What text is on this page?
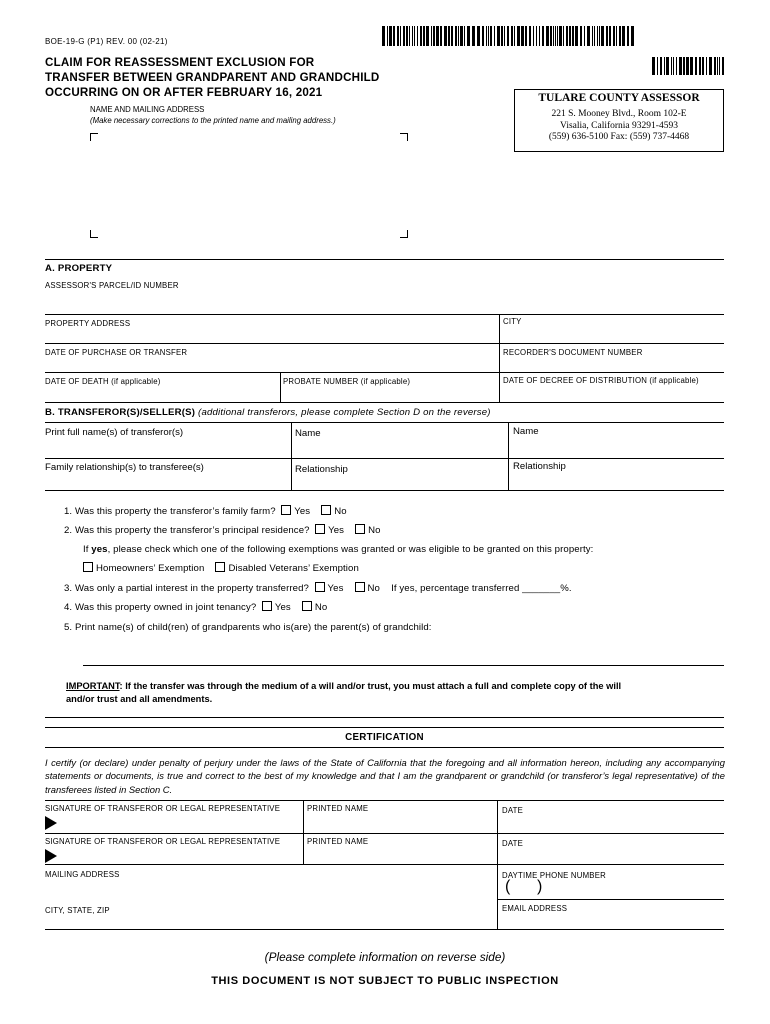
BOE-19-G (P1) REV. 00 (02-21)
CLAIM FOR REASSESSMENT EXCLUSION FOR
TRANSFER BETWEEN GRANDPARENT AND GRANDCHILD
OCCURRING ON OR AFTER FEBRUARY 16, 2021	TULARE COUNTY ASSESSOR
221 S. Mooney Blvd., Room 102-E
Visalia, California 93291-4593
(559) 636-5100 Fax: (559) 737-4468
NAME AND MAILING ADDRESS
(Make necessary corrections to the printed name and mailing address.)
A. PROPERTY
ASSESSOR'S PARCEL/ID NUMBER
PROPERTY ADDRESS	CITY
DATE OF PURCHASE OR TRANSFER	RECORDER'S DOCUMENT NUMBER
DATE OF DEATH (if applicable)	PROBATE NUMBER (if applicable)	DATE OF DECREE OF DISTRIBUTION (if applicable)
B. TRANSFEROR(S)/SELLER(S) (additional transferors, please complete Section D on the reverse)
Print full name(s) of transferor(s)	Name	Name
Family relationship(s) to transferee(s)	Relationship	Relationship
1. Was this property the transferor’s family farm? Yes	No
2. Was this property the transferor’s principal residence? Yes	No
If yes, please check which one of the following exemptions was granted or was eligible to be granted on this property:
Homeowners’ Exemption	Disabled Veterans’ Exemption
3. Was only a partial interest in the property transferred? Yes	No If yes, percentage transferred _______%.
4. Was this property owned in joint tenancy? Yes	No
5. Print name(s) of child(ren) of grandparents who is(are) the parent(s) of grandchild:
IMPORTANT: If the transfer was through the medium of a will and/or trust, you must attach a full and complete copy of the will
and/or trust and all amendments.
CERTIFICATION
I certify (or declare) under penalty of perjury under the laws of the State of California that the foregoing and all information hereon, including any accompanying statements or documents, is true and correct to the best of my knowledge and that I am the grandparent or grandchild (or transferor’s legal representative) of the transferees listed in Section C.
SIGNATURE OF TRANSFEROR OR LEGAL REPRESENTATIVE	PRINTED NAME	DATE
SIGNATURE OF TRANSFEROR OR LEGAL REPRESENTATIVE	PRINTED NAME	DATE
MAILING ADDRESS	DAYTIME PHONE NUMBER
( )
EMAIL ADDRESS
CITY, STATE, ZIP
(Please complete information on reverse side)
THIS DOCUMENT IS NOT SUBJECT TO PUBLIC INSPECTION
